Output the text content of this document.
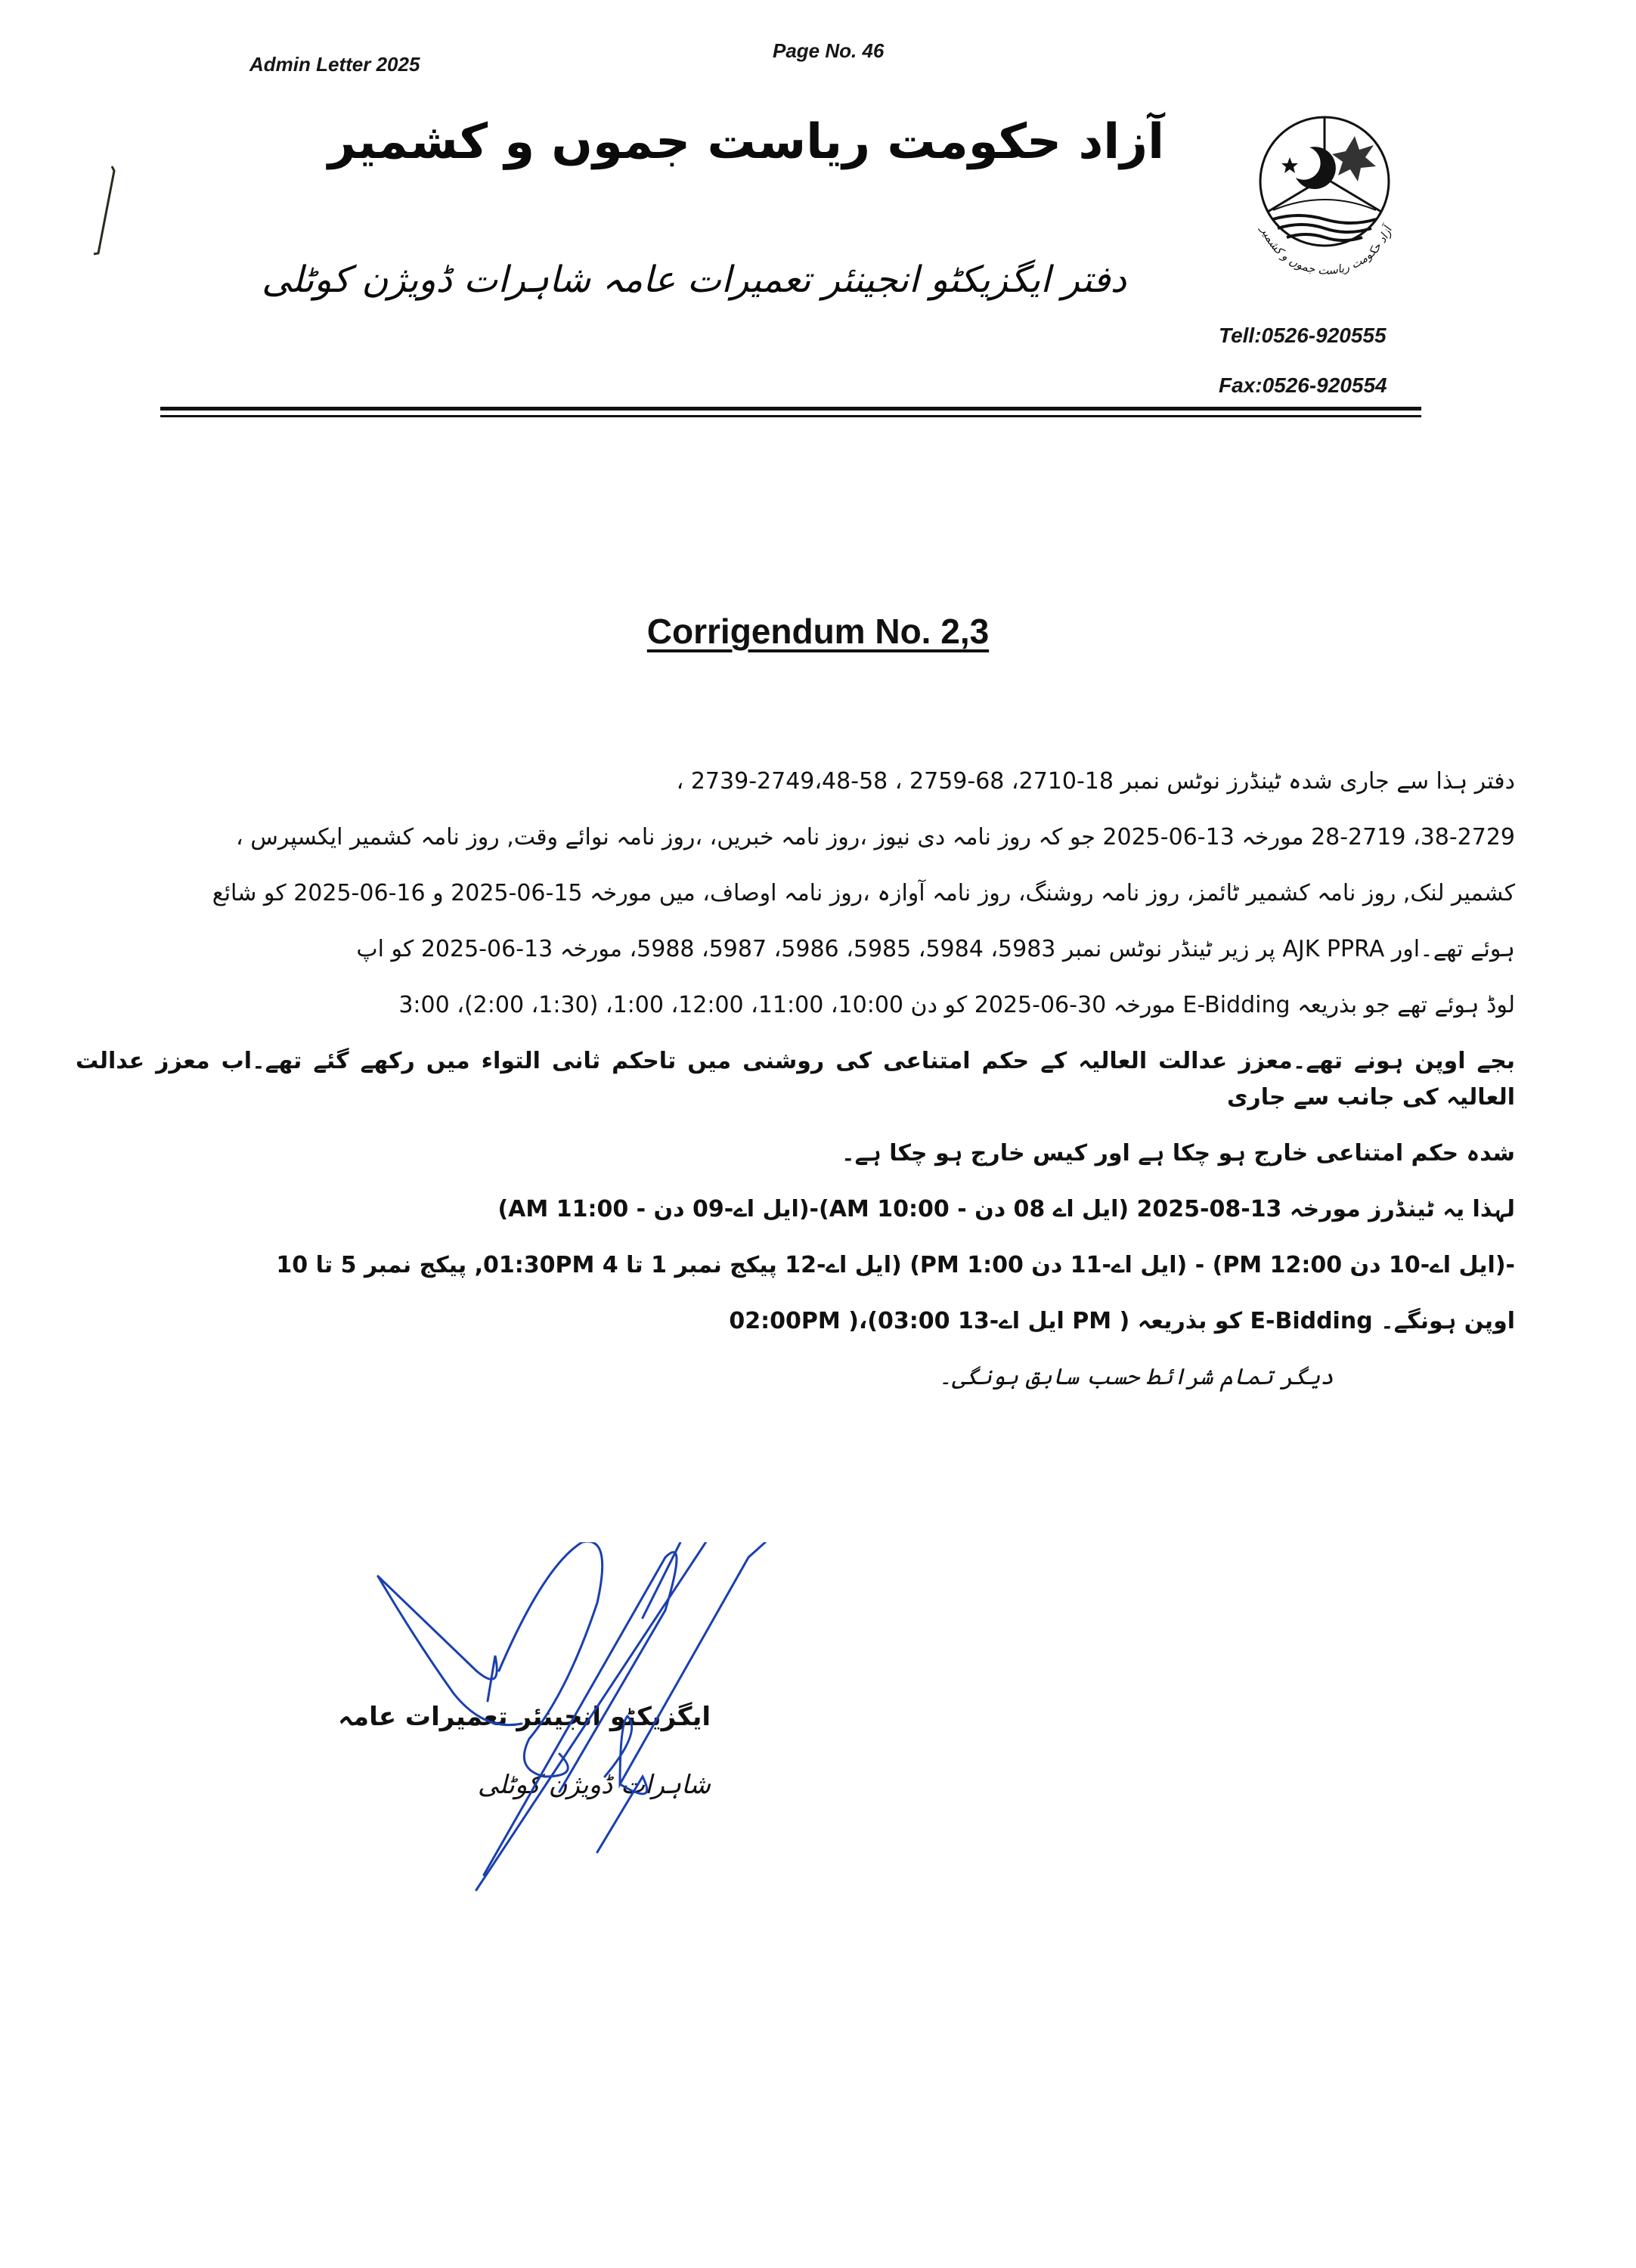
Admin Letter 2025
Page No. 46
آزاد حکومت ریاست جموں و کشمیر
دفتر ایگزیکٹو انجینئر تعمیرات عامہ شاہرات ڈویژن کوٹلی
آزاد حکومت ریاست جموں و کشمیر
Tell:0526-920555
Fax:0526-920554
Corrigendum No. 2,3
دفتر ہذا سے جاری شدہ ٹینڈرز نوٹس نمبر 18-2710، 68-2759 ، 58-2749،48-2739 ،
38-2729، 28-2719 مورخہ 13-06-2025 جو کہ روز نامہ دی نیوز ،روز نامہ خبریں، ،روز نامہ نوائے وقت, روز نامہ کشمیر ایکسپرس ،
کشمیر لنک, روز نامہ کشمیر ٹائمز، روز نامہ روشنگ، روز نامہ آوازہ ،روز نامہ اوصاف، میں مورخہ 15-06-2025 و 16-06-2025 کو شائع
ہوئے تھے۔اور AJK PPRA پر زیر ٹینڈر نوٹس نمبر 5983، 5984، 5985، 5986، 5987، 5988، مورخہ 13-06-2025 کو اپ
لوڈ ہوئے تھے جو بذریعہ E-Bidding مورخہ 30-06-2025 کو دن 10:00، 11:00، 12:00، 1:00، (1:30، 2:00)، 3:00
بجے اوپن ہونے تھے۔معزز عدالت العالیہ کے حکم امتناعی کی روشنی میں تاحکم ثانی التواء میں رکھے گئے تھے۔اب معزز عدالت العالیہ کی جانب سے جاری
شدہ حکم امتناعی خارج ہو چکا ہے اور کیس خارج ہو چکا ہے۔
لہذا یہ ٹینڈرز مورخہ 13-08-2025 (ایل اے 08 دن - 10:00 AM)-(ایل اے-09 دن - 11:00 AM)
-(ایل اے-10 دن 12:00 PM) - (ایل اے-11 دن 1:00 PM) (ایل اے-12 پیکج نمبر 1 تا 4 01:30PM, پیکج نمبر 5 تا 10
02:00PM )،(ایل اے-13 03:00 PM ) کو بذریعہ E-Bidding اوپن ہونگے۔
دیگر تمام شرائط حسب سابق ہونگی۔
ایگزیکٹو انجینئر تعمیرات عامہ
شاہرات ڈویژن کوٹلی
